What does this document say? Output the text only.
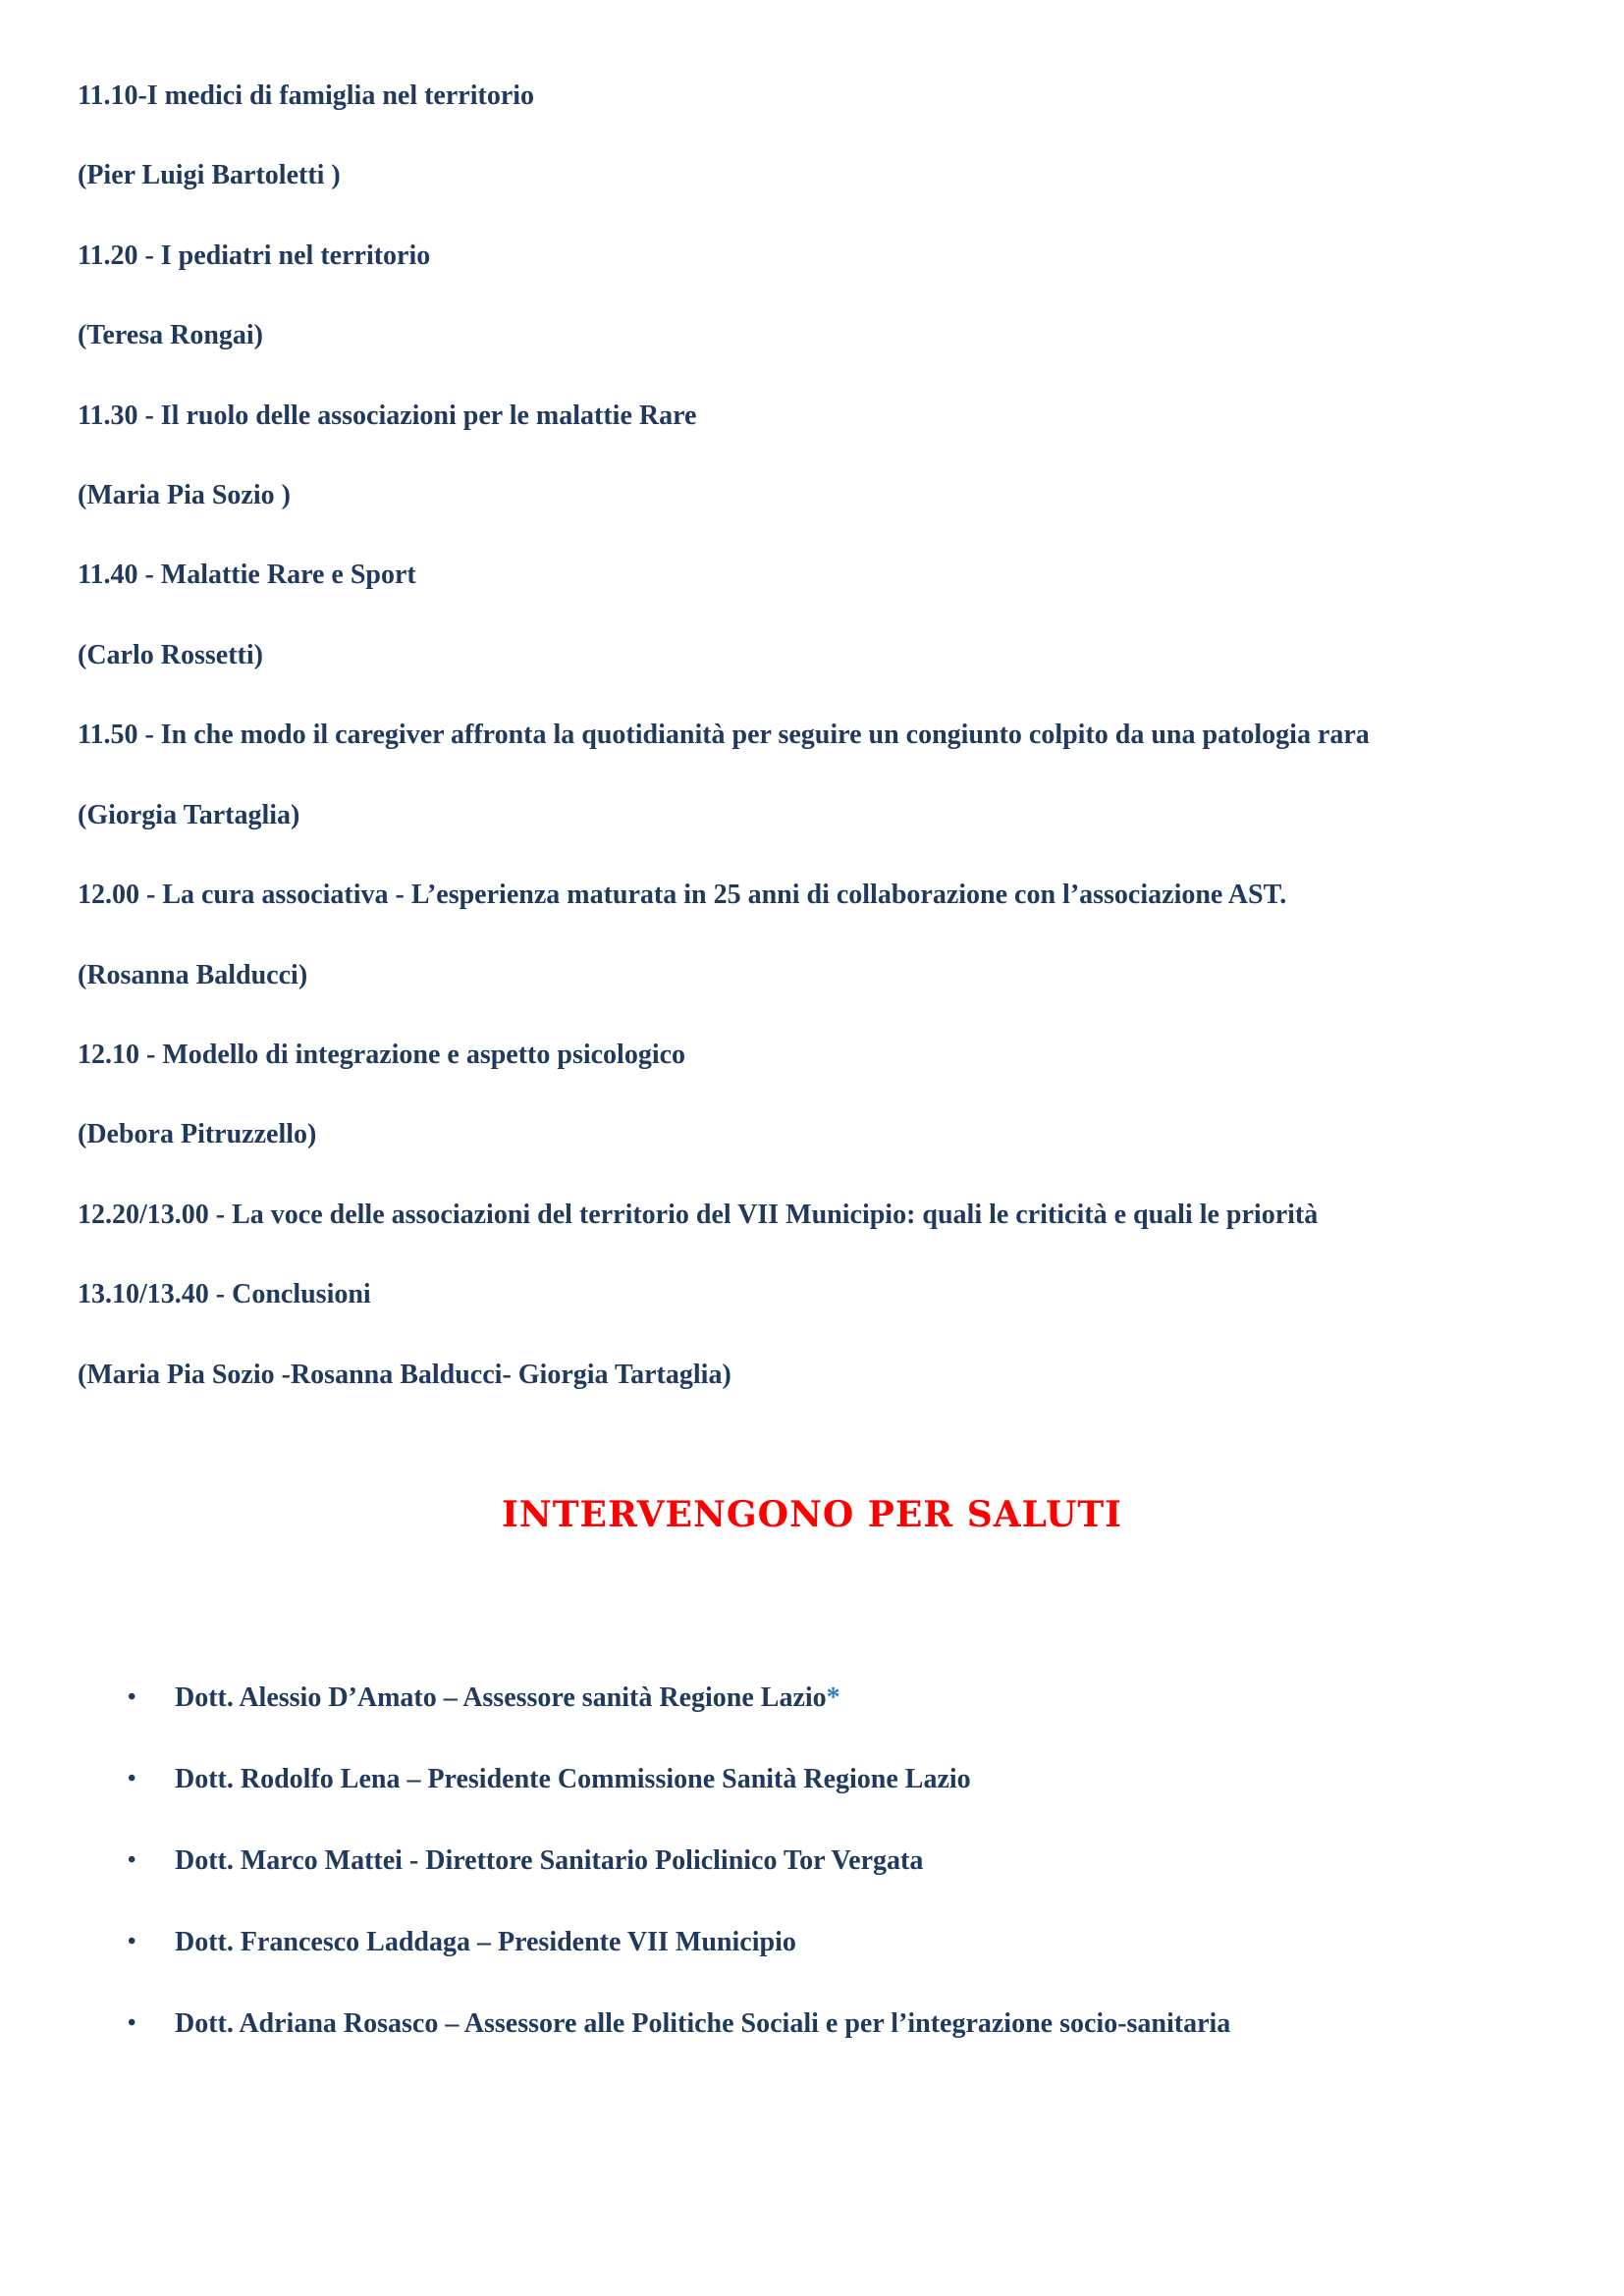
11.10-I medici di famiglia nel territorio
(Pier Luigi Bartoletti )
11.20 - I pediatri nel territorio
(Teresa Rongai)
11.30 - Il ruolo delle associazioni per le malattie Rare
(Maria Pia Sozio )
11.40 - Malattie Rare e Sport
(Carlo Rossetti)
11.50 - In che modo il caregiver affronta la quotidianità per seguire un congiunto colpito da una patologia rara
(Giorgia Tartaglia)
12.00 - La cura associativa - L’esperienza maturata in 25 anni di collaborazione con l’associazione AST.
(Rosanna Balducci)
12.10 - Modello di integrazione e aspetto psicologico
(Debora Pitruzzello)
12.20/13.00 - La voce delle associazioni del territorio del VII Municipio: quali le criticità e quali le priorità
13.10/13.40 - Conclusioni
(Maria Pia Sozio -Rosanna Balducci- Giorgia Tartaglia)
INTERVENGONO PER SALUTI
• Dott. Alessio D’Amato – Assessore sanità Regione Lazio*
• Dott. Rodolfo Lena – Presidente Commissione Sanità Regione Lazio
• Dott. Marco Mattei - Direttore Sanitario Policlinico Tor Vergata
• Dott. Francesco Laddaga – Presidente VII Municipio
• Dott. Adriana Rosasco – Assessore alle Politiche Sociali e per l’integrazione socio-sanitaria
